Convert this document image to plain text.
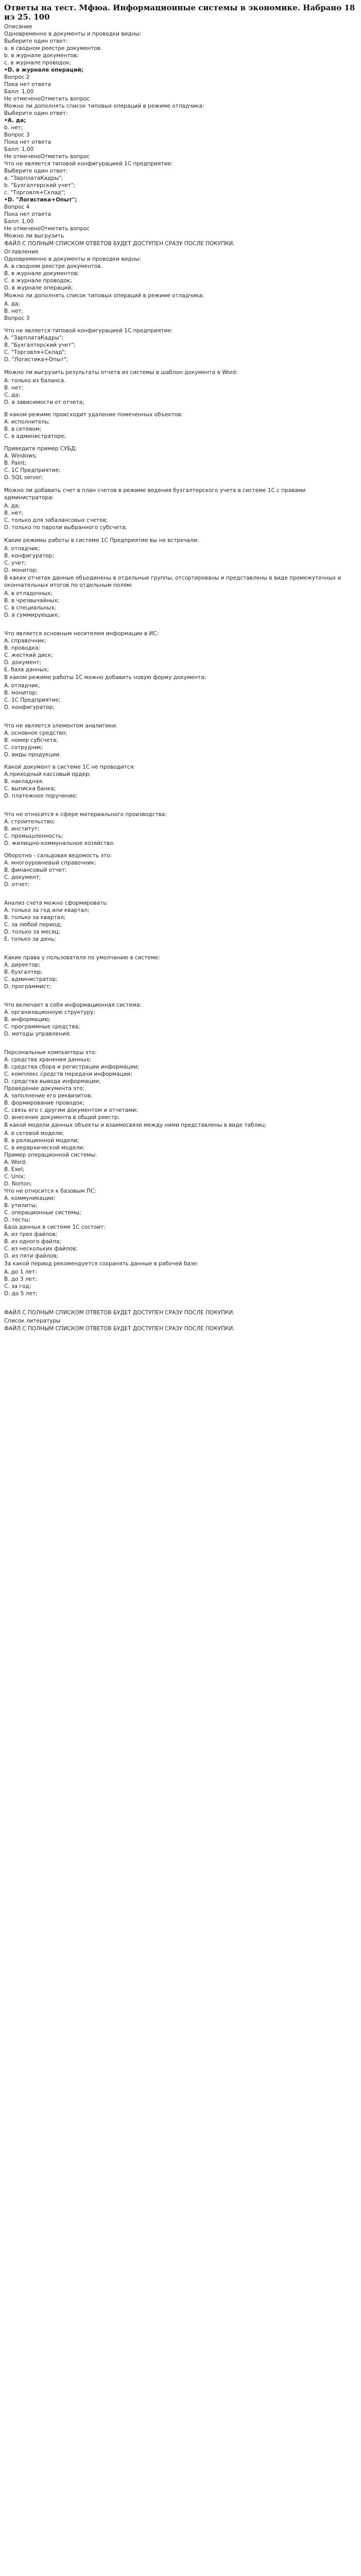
Ответы на тест. Мфюа. Информационные системы в экономике. Набрано 18 из 25. 100
Описание
Одновременно в документы и проводки видны:
Выберите один ответ:
a. в сводном реестре документов.
b. в журнале документов;
c. в журнале проводок;
•D. в журнале операций;
Вопрос 2
Пока нет ответа
Балл: 1,00
Не отмеченоОтметить вопрос
Можно ли дополнять список типовых операций в режиме отладчика:
Выберите один ответ:
•A. да;
b. нет;
Вопрос 3
Пока нет ответа
Балл: 1,00
Не отмеченоОтметить вопрос
Что не является типовой конфигурацией 1С предприятие:
Выберите один ответ:
a. "ЗарплатаКадры";
b. "Бухгалтерский учет";
c. "Торговля+Склад";
•D. "Логистика+Опыт";
Вопрос 4
Пока нет ответа
Балл: 1,00
Не отмеченоОтметить вопрос
Можно ли выгрузить
ФАЙЛ С ПОЛНЫМ СПИСКОМ ОТВЕТОВ БУДЕТ ДОСТУПЕН СРАЗУ ПОСЛЕ ПОКУПКИ.
Оглавление
Одновременно в документы и проводки видны:
A. в сводном реестре документов.
B. в журнале документов;
C. в журнале проводок;
D. в журнале операций;
Можно ли дополнять список типовых операций в режиме отладчика:
A. да;
B. нет;
Вопрос 3
Что не является типовой конфигурацией 1С предприятие:
A. "ЗарплатаКадры";
B. "Бухгалтерский учет";
C. "Торговля+Склад";
D. "Логистика+Опыт";
Можно ли выгрузить результаты отчета из системы в шаблон документа в Word:
A. только из баланса.
B. нет;
C. да;
D. в зависимости от отчета;
В каком режиме происходит удаление помеченных объектов:
A. исполнитель;
B. в сетевом;
C. в администраторе;
Приведите пример СУБД:
A. Windows;
B. Paint;
C. 1С Предприятие;
D. SQL server;
Можно ли добавить счет в план счетов в режиме ведения бухгалтерского учета в системе 1С с правами администратора:
A. да;
B. нет;
C. только для забалансовых счетов;
D. только по пароли выбранного субсчета;
Какие режимы работы в системе 1С Предприятие вы не встречали:
A. отладчик;
B. конфигуратор;
C. учет;
D. монитор;
В каких отчетах данные объединены в отдельные группы, отсортированы и представлены в виде промежуточных и окончательных итогов по отдельным полям:
A. в отладочных;
B. в чрезвычайных;
C. в специальных;
D. в суммирующих;
Что является основным носителем информации в ИС:
A. справочник;
B. проводка;
C. жесткий диск;
D. документ;
E. база данных;
В каком режиме работы 1С можно добавить новую форму документа:
A. отладчик;
B. монитор;
C. 1С Предприятие;
D. конфигуратор;
Что не является элементом аналитики:
A. основное средство;
B. номер субсчета;
C. сотрудник;
D. виды продукции.
Какой документ в системе 1С не проводится:
A.приходный кассовый ордер;
B. накладная.
C. выписка банка;
D. платежное поручение;
Что не относится к сфере материального производства:
A. строительство;
B. институт;
C. промышленность;
D. жилищно-коммунальное хозяйство.
Оборотно - сальдовая ведомость это:
A. многоуровневый справочник;
B. финансовый отчет;
C. документ;
D. отчет;
Анализ счета можно сформировать:
A. только за год или квартал;
B. только за квартал;
C. за любой период;
D. только за месяц;
E. только за день;
Какие права у пользователя по умолчанию в системе:
A. директор;
B. бухгалтер;
C. администратор;
D. программист;
Что включает в себя информационная система:
A. организационную структуру;
B. информацию;
C. программные средства;
D. методы управления;
Персональные компьютеры это:
A. средства хранения данных;
B. средства сбора и регистрации информации;
C. комплекс средств передачи информации;
D. средства вывода информации;
Проведение документа это:
A. заполнение его реквизитов;
B. формирование проводок;
C. связь его с другим документом и отчетами;
D. внесение документа в общий реестр;
В какой модели данных объекты и взаимосвязи между ними представлены в виде таблиц:
A. в сетевой модели;
B. в реляционной модели;
C. в иерархической модели;
Пример операционной системы:
A. Word;
B. Exel;
C. Unix;
D. Norton;
Что не относится к базовым ПС:
A. коммуникации;
B. утилиты;
C. операционные системы;
D. тесты;
База данных в системе 1С состоит:
A. из трех файлов;
B. из одного файла;
C. из нескольких файлов;
D. из пяти файлов;
За какой период рекомендуется сохранять данные в рабочей базе:
A. до 1 лет;
B. до 3 лет;
C. за год;
D. до 5 лет;
ФАЙЛ С ПОЛНЫМ СПИСКОМ ОТВЕТОВ БУДЕТ ДОСТУПЕН СРАЗУ ПОСЛЕ ПОКУПКИ.
Список литературы
ФАЙЛ С ПОЛНЫМ СПИСКОМ ОТВЕТОВ БУДЕТ ДОСТУПЕН СРАЗУ ПОСЛЕ ПОКУПКИ.
